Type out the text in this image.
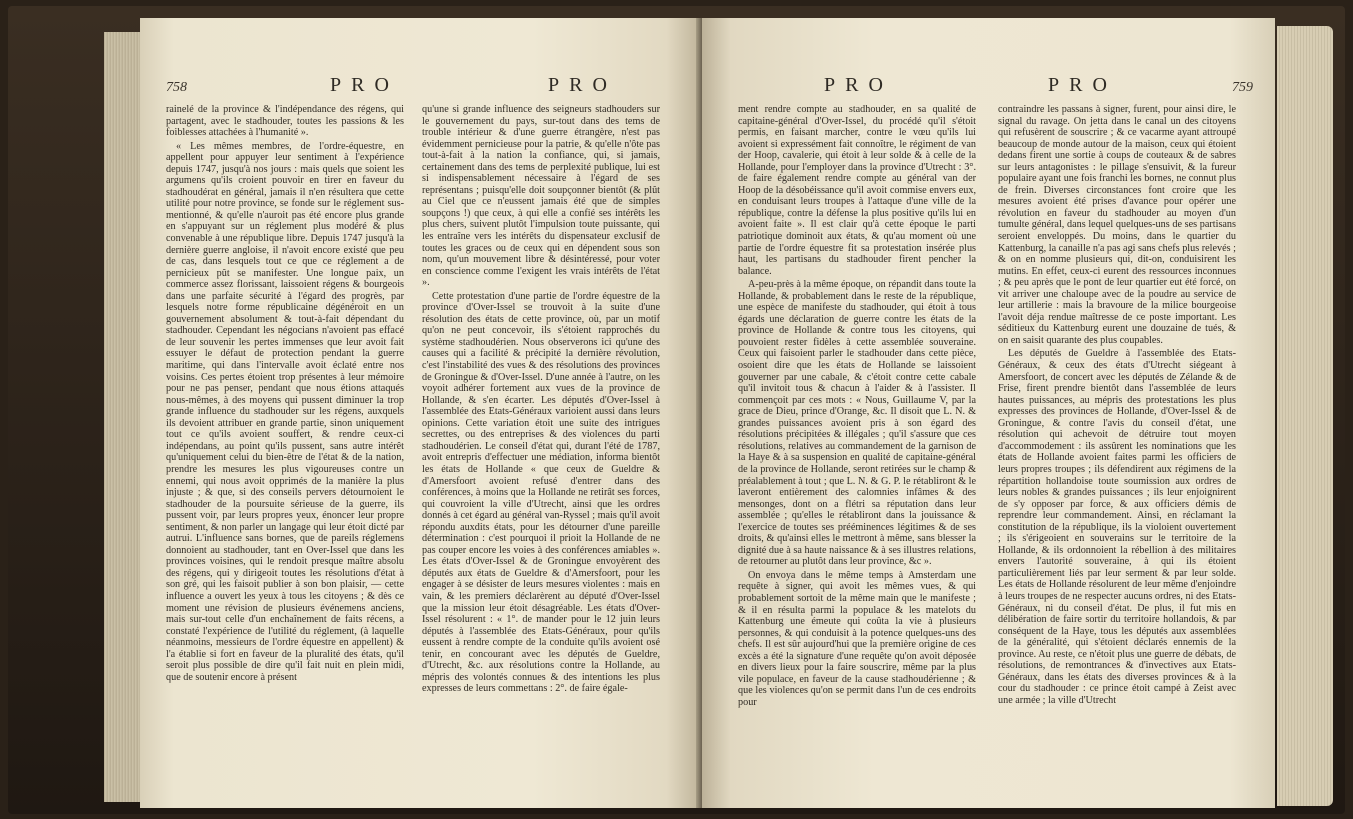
758	PRO	PRO

rainelé de la province & l'indépendance des régens, qui partagent, avec le stadhouder, toutes les passions & les foiblesses attachées à l'humanité ».

« Les mêmes membres, de l'ordre-équestre, en appellent pour appuyer leur sentiment à l'expérience depuis 1747, jusqu'à nos jours : mais quels que soient les argumens qu'ils croient pouvoir en tirer en faveur du stadhoudérat en général, jamais il n'en résultera que cette utilité pour notre province, se fonde sur le réglement sus-mentionné, & qu'elle n'auroit pas été encore plus grande en s'appuyant sur un réglement plus modéré & plus convenable à une république libre. Depuis 1747 jusqu'à la dernière guerre angloise, il n'avoit encore existé que peu de cas, dans lesquels tout ce que ce réglement a de pernicieux pût se manifester. Une longue paix, un commerce assez florissant, laissoient régens & bourgeois dans une parfaite sécurité à l'égard des progrès, par lesquels notre forme républicaine dégénéroit en un gouvernement absolument & tout-à-fait dépendant du stadhouder. Cependant les négocians n'avoient pas effacé de leur souvenir les pertes immenses que leur avoit fait essuyer le défaut de protection pendant la guerre maritime, qui dans l'intervalle avoit éclaté entre nos voisins. Ces pertes étoient trop présentes à leur mémoire pour ne pas penser, pendant que nous étions attaqués nous-mêmes, à des moyens qui pussent diminuer la trop grande influence du stadhouder sur les régens, auxquels ils devoient attribuer en grande partie, sinon uniquement tout ce qu'ils avoient souffert, & rendre ceux-ci indépendans, au point qu'ils pussent, sans autre intérêt qu'uniquement celui du bien-être de l'état & de la nation, prendre les mesures les plus vigoureuses contre un ennemi, qui nous avoit opprimés de la manière la plus injuste ; & que, si des conseils pervers détournoient le stadhouder de la poursuite sérieuse de la guerre, ils pussent voir, par leurs propres yeux, énoncer leur propre sentiment, & non parler un langage qui leur étoit dicté par autrui. L'influence sans bornes, que de pareils réglemens donnoient au stadhouder, tant en Over-Issel que dans les provinces voisines, qui le rendoit presque maître absolu des régens, qui y dirigeoit toutes les résolutions d'état à son gré, qui les faisoit publier à son bon plaisir, — cette influence a ouvert les yeux à tous les citoyens ; & dès ce moment une révision de plusieurs événemens anciens, mais sur-tout celle d'un enchaînement de faits récens, a constaté l'expérience de l'utilité du réglement, (à laquelle néanmoins, messieurs de l'ordre équestre en appellent) & l'a établie si fort en faveur de la pluralité des états, qu'il seroit plus possible de dire qu'il fait nuit en plein midi, que de soutenir encore à présent

qu'une si grande influence des seigneurs stadhouders sur le gouvernement du pays, sur-tout dans des tems de trouble intérieur & d'une guerre étrangère, n'est pas évidemment pernicieuse pour la patrie, & qu'elle n'ôte pas tout-à-fait à la nation la confiance, qui, si jamais, certainement dans des tems de perplexité publique, lui est si indispensablement nécessaire à l'égard de ses représentans ; puisqu'elle doit soupçonner bientôt (& plût au Ciel que ce n'eussent jamais été que de simples soupçons !) que ceux, à qui elle a confié ses intérêts les plus chers, suivent plutôt l'impulsion toute puissante, qui les entraîne vers les intérêts du dispensateur exclusif de toutes les graces ou de ceux qui en dépendent sous son nom, qu'un mouvement libre & désintéressé, pour voter en conscience comme l'exigent les vrais intérêts de l'état ».

Cette protestation d'une partie de l'ordre équestre de la province d'Over-Issel se trouvoit à la suite d'une résolution des états de cette province, où, par un motif qu'on ne peut concevoir, ils s'étoient rapprochés du système stadhoudérien. Nous observerons ici qu'une des causes qui a facilité & précipité la dernière révolution, c'est l'instabilité des vues & des résolutions des provinces de Groningue & d'Over-Issel. D'une année à l'autre, on les voyoit adhérer fortement aux vues de la province de Hollande, & s'en écarter. Les députés d'Over-Issel à l'assemblée des Etats-Généraux varioient aussi dans leurs opinions. Cette variation étoit une suite des intrigues secrettes, ou des entreprises & des violences du parti stadhoudérien. Le conseil d'état qui, durant l'été de 1787, avoit entrepris d'effectuer une médiation, informa bientôt les états de Hollande « que ceux de Gueldre & d'Amersfoort avoient refusé d'entrer dans des conférences, à moins que la Hollande ne retirât ses forces, qui couvroient la ville d'Utrecht, ainsi que les ordres donnés à cet égard au général van-Ryssel ; mais qu'il avoit répondu auxdits états, pour les détourner d'une pareille détermination : c'est pourquoi il prioit la Hollande de ne pas couper encore les voies à des conférences amiables ». Les états d'Over-Issel & de Groningue envoyèrent des députés aux états de Gueldre & d'Amersfoort, pour les engager à se désister de leurs mesures violentes : mais en vain, & les premiers déclarèrent au député d'Over-Issel que la mission leur étoit désagréable. Les états d'Over-Issel résolurent : « 1°. de mander pour le 12 juin leurs députés à l'assemblée des Etats-Généraux, pour qu'ils eussent à rendre compte de la conduite qu'ils avoient osé tenir, en concourant avec les députés de Gueldre, d'Utrecht, &c. aux résolutions contre la Hollande, au mépris des volontés connues & des intentions les plus expresses de leurs commettans : 2°. de faire égale-

PRO	PRO	759

ment rendre compte au stadhouder, en sa qualité de capitaine-général d'Over-Issel, du procédé qu'il s'étoit permis, en faisant marcher, contre le vœu qu'ils lui avoient si expressément fait connoître, le régiment de van der Hoop, cavalerie, qui étoit à leur solde & à celle de la Hollande, pour l'employer dans la province d'Utrecht : 3°. de faire également rendre compte au général van der Hoop de la désobéissance qu'il avoit commise envers eux, en conduisant leurs troupes à l'attaque d'une ville de la république, contre la défense la plus positive qu'ils lui en avoient faite ». Il est clair qu'à cette époque le parti patriotique dominoit aux états, & qu'au moment où une partie de l'ordre équestre fit sa protestation insérée plus haut, les partisans du stadhouder firent pencher la balance.

A-peu-près à la même époque, on répandit dans toute la Hollande, & probablement dans le reste de la république, une espèce de manifeste du stadhouder, qui étoit à tous égards une déclaration de guerre contre les états de la province de Hollande & contre tous les citoyens, qui pouvoient rester fidèles à cette assemblée souveraine. Ceux qui faisoient parler le stadhouder dans cette pièce, osoient dire que les états de Hollande se laissoient gouverner par une cabale, & c'étoit contre cette cabale qu'il invitoit tous & chacun à l'aider & à l'assister. Il commençoit par ces mots : « Nous, Guillaume V, par la grace de Dieu, prince d'Orange, &c. Il disoit que L. N. & grandes puissances avoient pris à son égard des résolutions précipitées & illégales ; qu'il s'assure que ces résolutions, relatives au commandement de la garnison de la Haye & à sa suspension en qualité de capitaine-général de la province de Hollande, seront retirées sur le champ & préalablement à tout ; que L. N. & G. P. le rétabliront & le laveront entièrement des calomnies infâmes & des mensonges, dont on a flétri sa réputation dans leur assemblée ; qu'elles le rétabliront dans la jouissance & l'exercice de toutes ses prééminences légitimes & de ses droits, & qu'ainsi elles le mettront à même, sans blesser la dignité due à sa haute naissance & à ses illustres relations, de retourner au plutôt dans leur province, &c ».

On envoya dans le même temps à Amsterdam une requête à signer, qui avoit les mêmes vues, & qui probablement sortoit de la même main que le manifeste ; & il en résulta parmi la populace & les matelots du Kattenburg une émeute qui coûta la vie à plusieurs personnes, & qui conduisit à la potence quelques-uns des chefs. Il est sûr aujourd'hui que la première origine de ces excès a été la signature d'une requête qu'on avoit déposée en divers lieux pour la faire souscrire, même par la plus vile populace, en faveur de la cause stadhoudérienne ; & que les violences qu'on se permit dans l'un de ces endroits pour

contraindre les passans à signer, furent, pour ainsi dire, le signal du ravage. On jetta dans le canal un des citoyens qui refusèrent de souscrire ; & ce vacarme ayant attroupé beaucoup de monde autour de la maison, ceux qui étoient dedans firent une sortie à coups de couteaux & de sabres sur leurs antagonistes : le pillage s'ensuivit, & la fureur populaire ayant une fois franchi les bornes, ne connut plus de frein. Diverses circonstances font croire que les mesures avoient été prises d'avance pour opérer une révolution en faveur du stadhouder au moyen d'un tumulte général, dans lequel quelques-uns de ses partisans seroient enveloppés. Du moins, dans le quartier du Kattenburg, la canaille n'a pas agi sans chefs plus relevés ; & on en nomme plusieurs qui, dit-on, conduisirent les mutins. En effet, ceux-ci eurent des ressources inconnues ; & peu après que le pont de leur quartier eut été forcé, on vit arriver une chaloupe avec de la poudre au service de leur artillerie : mais la bravoure de la milice bourgeoise l'avoit déja rendue maîtresse de ce poste important. Les séditieux du Kattenburg eurent une douzaine de tués, & on en saisit quarante des plus coupables.

Les députés de Gueldre à l'assemblée des Etats-Généraux, & ceux des états d'Utrecht siégeant à Amersfoort, de concert avec les députés de Zélande & de Frise, firent prendre bientôt dans l'assemblée de leurs hautes puissances, au mépris des protestations les plus expresses des provinces de Hollande, d'Over-Issel & de Groningue, & contre l'avis du conseil d'état, une résolution qui achevoit de détruire tout moyen d'accommodement : ils assûrent les nominations que les états de Hollande avoient faites parmi les officiers de leurs propres troupes ; ils défendirent aux régimens de la répartition hollandoise toute soumission aux ordres de leurs nobles & grandes puissances ; ils leur enjoignirent de s'y opposer par force, & aux officiers démis de reprendre leur commandement. Ainsi, en réclamant la constitution de la république, ils la violoient ouvertement ; ils s'érigeoient en souverains sur le territoire de la Hollande, & ils ordonnoient la rébellion à des militaires envers l'autorité souveraine, à qui ils étoient particulièrement liés par leur serment & par leur solde. Les états de Hollande résolurent de leur même d'enjoindre à leurs troupes de ne respecter aucuns ordres, ni des Etats-Généraux, ni du conseil d'état. De plus, il fut mis en délibération de faire sortir du territoire hollandois, & par conséquent de la Haye, tous les députés aux assemblées de la généralité, qui s'étoient déclarés ennemis de la province. Au reste, ce n'étoit plus une guerre de débats, de résolutions, de remontrances & d'invectives aux Etats-Généraux, dans les états des diverses provinces & à la cour du stadhouder : ce prince étoit campé à Zeist avec une armée ; la ville d'Utrecht
